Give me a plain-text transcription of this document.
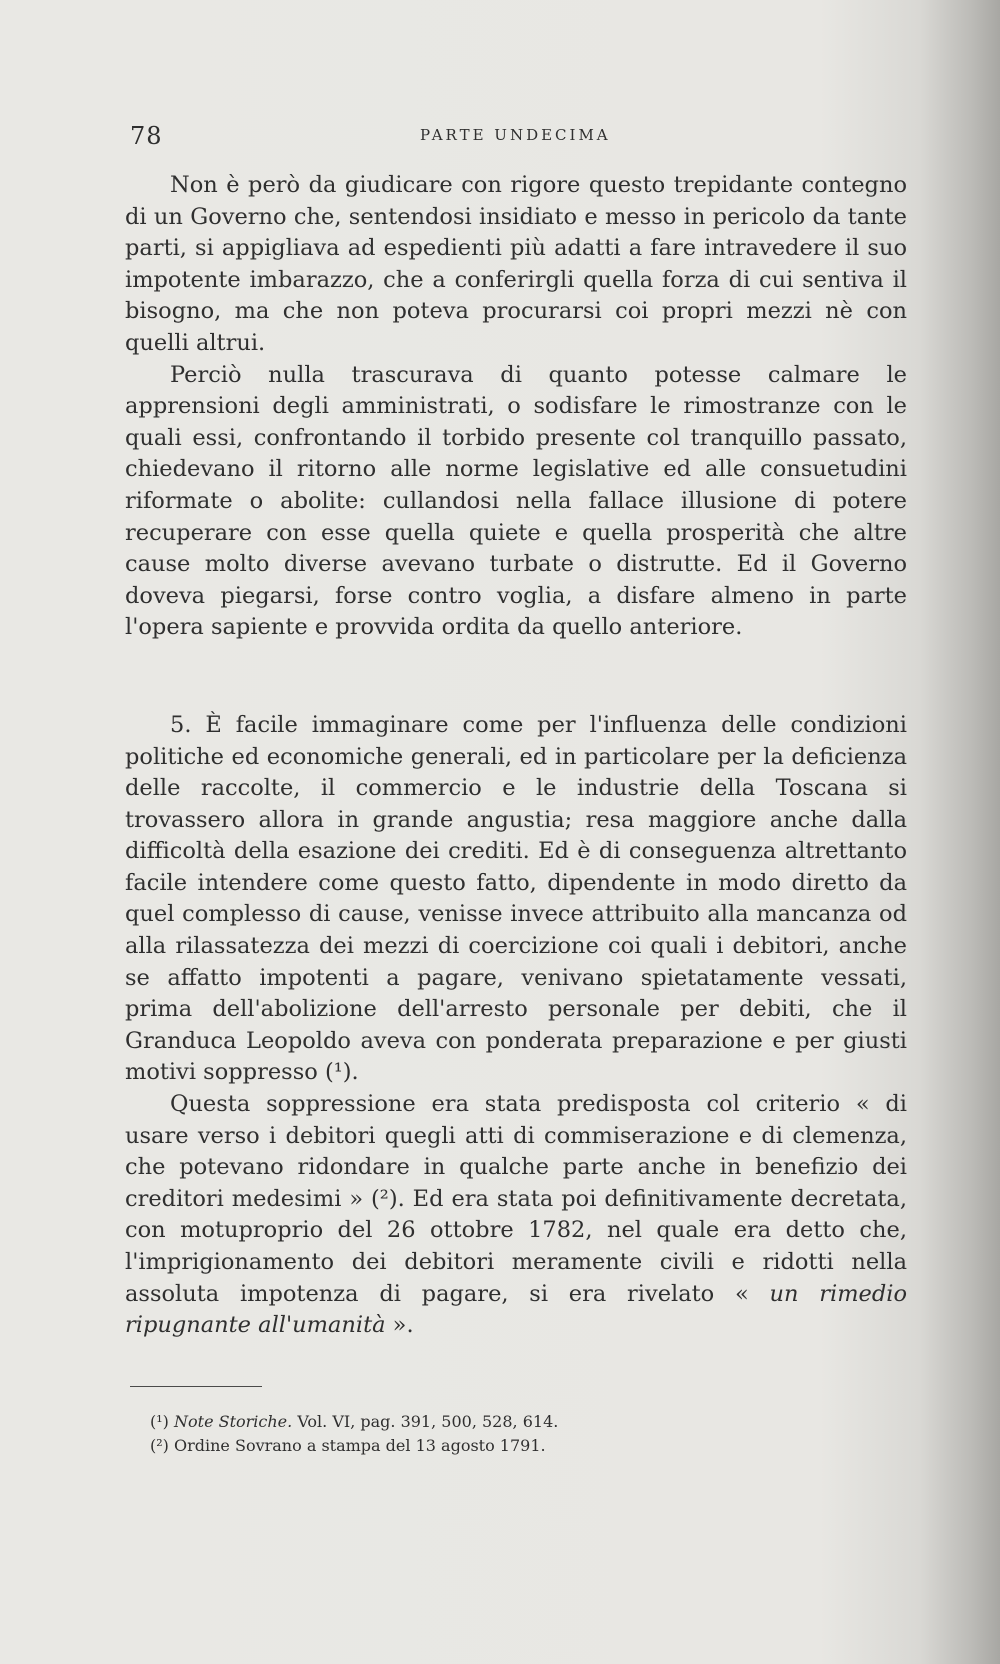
78	PARTE UNDECIMA

Non è però da giudicare con rigore questo trepidante contegno di un Governo che, sentendosi insidiato e messo in pericolo da tante parti, si appigliava ad espedienti più adatti a fare intravedere il suo impotente imbarazzo, che a conferirgli quella forza di cui sentiva il bisogno, ma che non poteva procurarsi coi propri mezzi nè con quelli altrui.

Perciò nulla trascurava di quanto potesse calmare le apprensioni degli amministrati, o sodisfare le rimostranze con le quali essi, confrontando il torbido presente col tranquillo passato, chiedevano il ritorno alle norme legislative ed alle consuetudini riformate o abolite: cullandosi nella fallace illusione di potere recuperare con esse quella quiete e quella prosperità che altre cause molto diverse avevano turbate o distrutte. Ed il Governo doveva piegarsi, forse contro voglia, a disfare almeno in parte l'opera sapiente e provvida ordita da quello anteriore.

5. È facile immaginare come per l'influenza delle condizioni politiche ed economiche generali, ed in particolare per la deficienza delle raccolte, il commercio e le industrie della Toscana si trovassero allora in grande angustia; resa maggiore anche dalla difficoltà della esazione dei crediti. Ed è di conseguenza altrettanto facile intendere come questo fatto, dipendente in modo diretto da quel complesso di cause, venisse invece attribuito alla mancanza od alla rilassatezza dei mezzi di coercizione coi quali i debitori, anche se affatto impotenti a pagare, venivano spietatamente vessati, prima dell'abolizione dell'arresto personale per debiti, che il Granduca Leopoldo aveva con ponderata preparazione e per giusti motivi soppresso (¹).

Questa soppressione era stata predisposta col criterio « di usare verso i debitori quegli atti di commiserazione e di clemenza, che potevano ridondare in qualche parte anche in benefizio dei creditori medesimi » (²). Ed era stata poi definitivamente decretata, con motuproprio del 26 ottobre 1782, nel quale era detto che, l'imprigionamento dei debitori meramente civili e ridotti nella assoluta impotenza di pagare, si era rivelato « un rimedio ripugnante all'umanità ».

(¹) Note Storiche. Vol. VI, pag. 391, 500, 528, 614.

(²) Ordine Sovrano a stampa del 13 agosto 1791.
